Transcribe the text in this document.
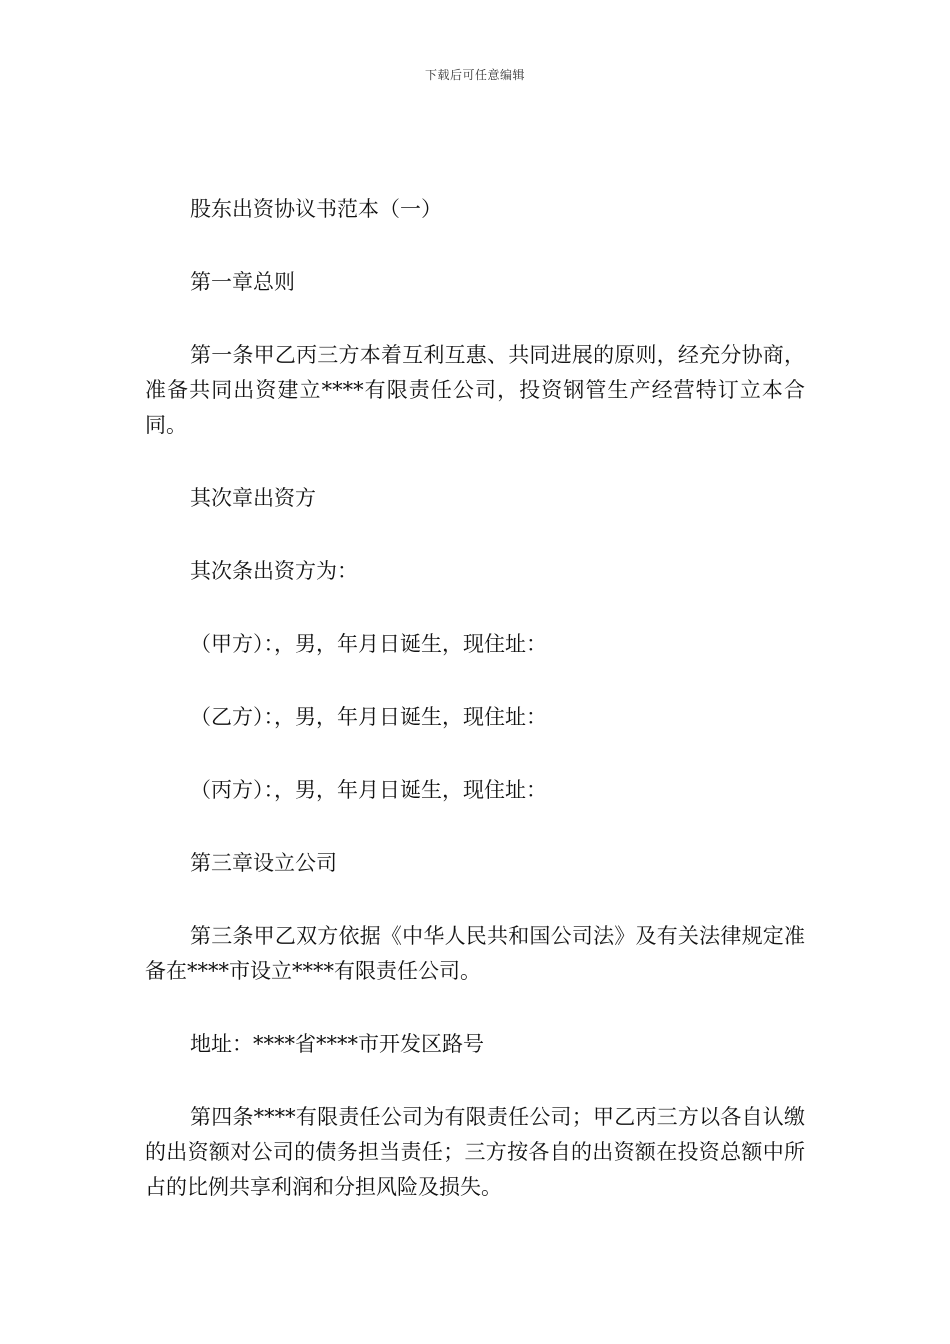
下载后可任意编辑

股东出资协议书范本（一）

第一章总则

第一条甲乙丙三方本着互利互惠、共同进展的原则，经充分协商，准备共同出资建立****有限责任公司，投资钢管生产经营特订立本合同。

其次章出资方

其次条出资方为：

（甲方）：，男，年月日诞生，现住址：

（乙方）：，男，年月日诞生，现住址：

（丙方）：，男，年月日诞生，现住址：

第三章设立公司

第三条甲乙双方依据《中华人民共和国公司法》及有关法律规定准备在****市设立****有限责任公司。

地址：****省****市开发区路号

第四条****有限责任公司为有限责任公司；甲乙丙三方以各自认缴的出资额对公司的债务担当责任；三方按各自的出资额在投资总额中所占的比例共享利润和分担风险及损失。
